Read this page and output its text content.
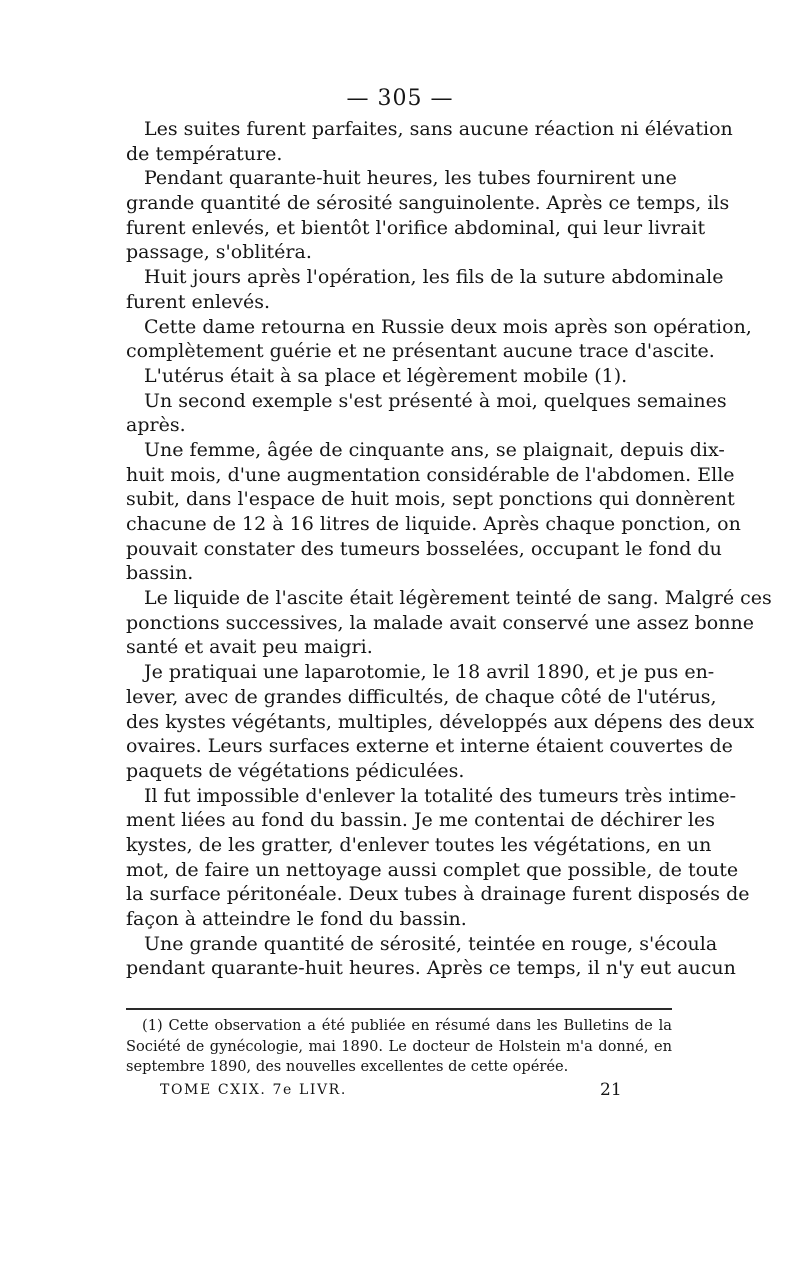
— 305 —
Les suites furent parfaites, sans aucune réaction ni élévation
de température.
Pendant quarante-huit heures, les tubes fournirent une
grande quantité de sérosité sanguinolente. Après ce temps, ils
furent enlevés, et bientôt l'orifice abdominal, qui leur livrait
passage, s'oblitéra.
Huit jours après l'opération, les fils de la suture abdominale
furent enlevés.
Cette dame retourna en Russie deux mois après son opération,
complètement guérie et ne présentant aucune trace d'ascite.
L'utérus était à sa place et légèrement mobile (1).
Un second exemple s'est présenté à moi, quelques semaines
après.
Une femme, âgée de cinquante ans, se plaignait, depuis dix-
huit mois, d'une augmentation considérable de l'abdomen. Elle
subit, dans l'espace de huit mois, sept ponctions qui donnèrent
chacune de 12 à 16 litres de liquide. Après chaque ponction, on
pouvait constater des tumeurs bosselées, occupant le fond du
bassin.
Le liquide de l'ascite était légèrement teinté de sang. Malgré ces
ponctions successives, la malade avait conservé une assez bonne
santé et avait peu maigri.
Je pratiquai une laparotomie, le 18 avril 1890, et je pus en-
lever, avec de grandes difficultés, de chaque côté de l'utérus,
des kystes végétants, multiples, développés aux dépens des deux
ovaires. Leurs surfaces externe et interne étaient couvertes de
paquets de végétations pédiculées.
Il fut impossible d'enlever la totalité des tumeurs très intime-
ment liées au fond du bassin. Je me contentai de déchirer les
kystes, de les gratter, d'enlever toutes les végétations, en un
mot, de faire un nettoyage aussi complet que possible, de toute
la surface péritonéale. Deux tubes à drainage furent disposés de
façon à atteindre le fond du bassin.
Une grande quantité de sérosité, teintée en rouge, s'écoula
pendant quarante-huit heures. Après ce temps, il n'y eut aucun
(1) Cette observation a été publiée en résumé dans les Bulletins de la
Société de gynécologie, mai 1890. Le docteur de Holstein m'a donné, en
septembre 1890, des nouvelles excellentes de cette opérée.
TOME CXIX. 7e LIVR.	21
